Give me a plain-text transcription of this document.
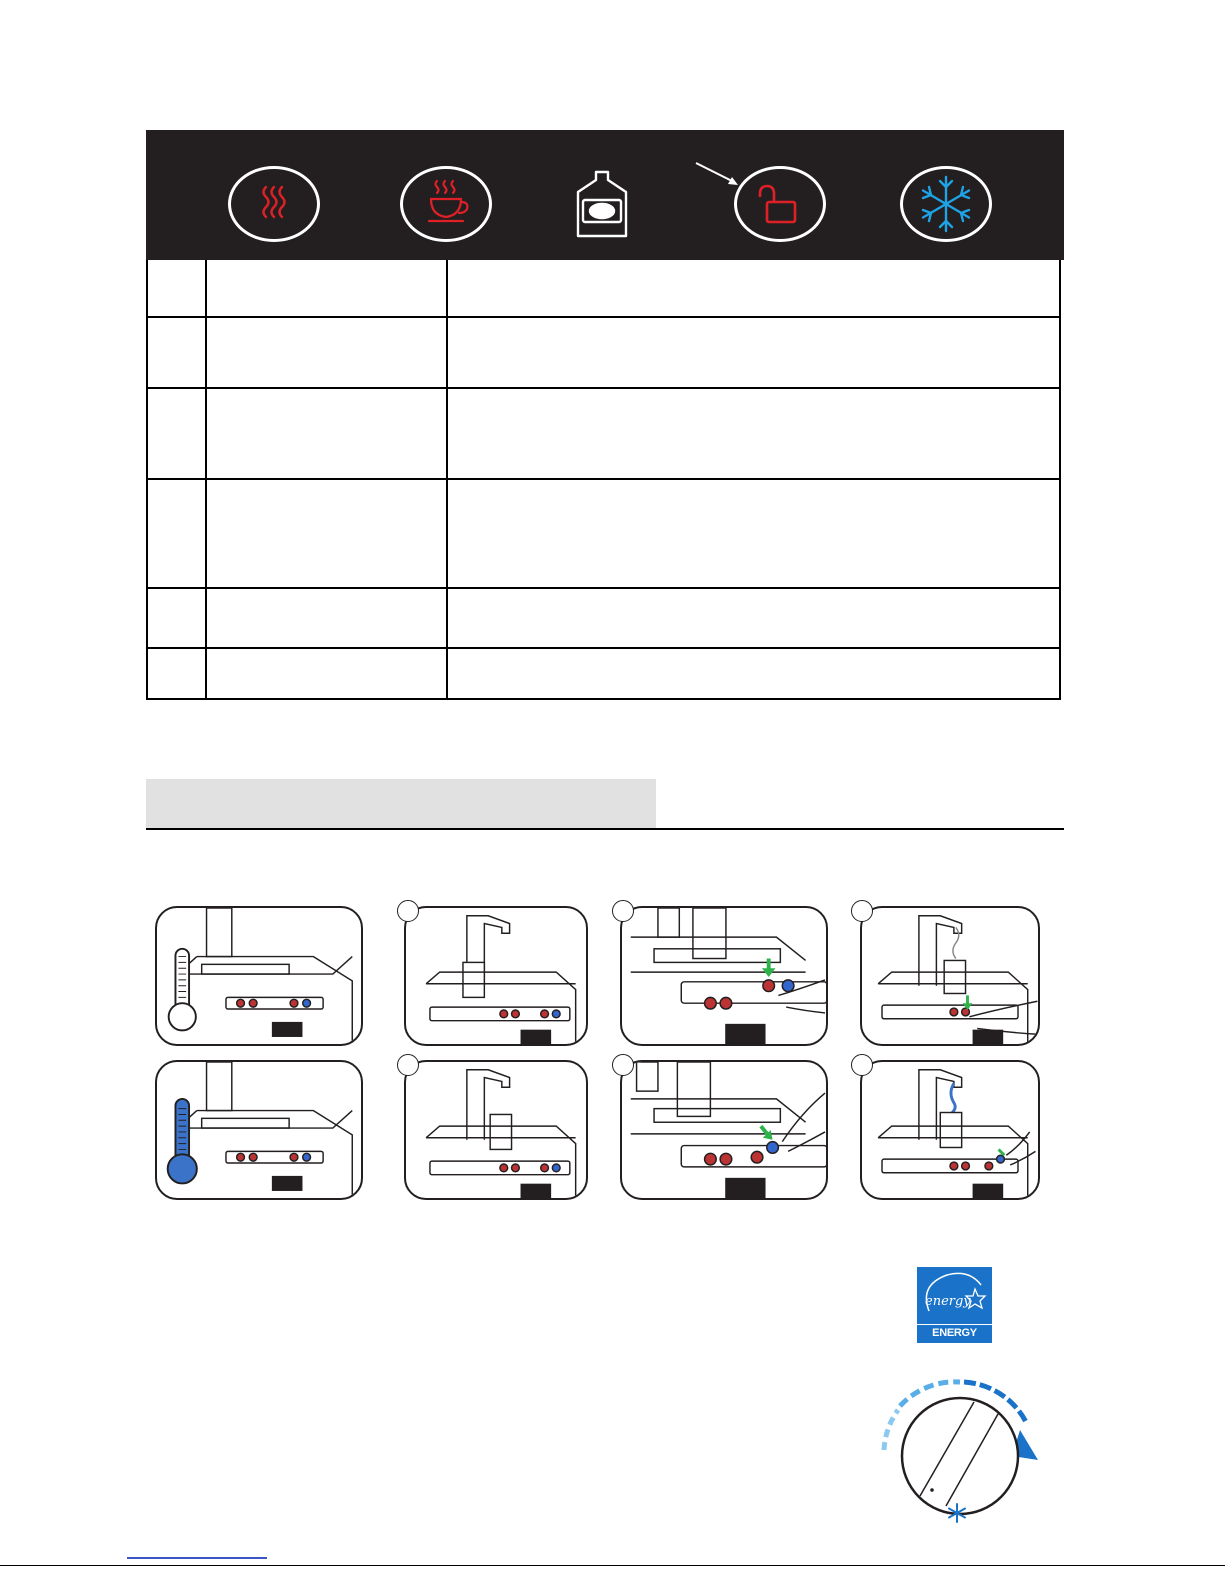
energy
ENERGY STAR
